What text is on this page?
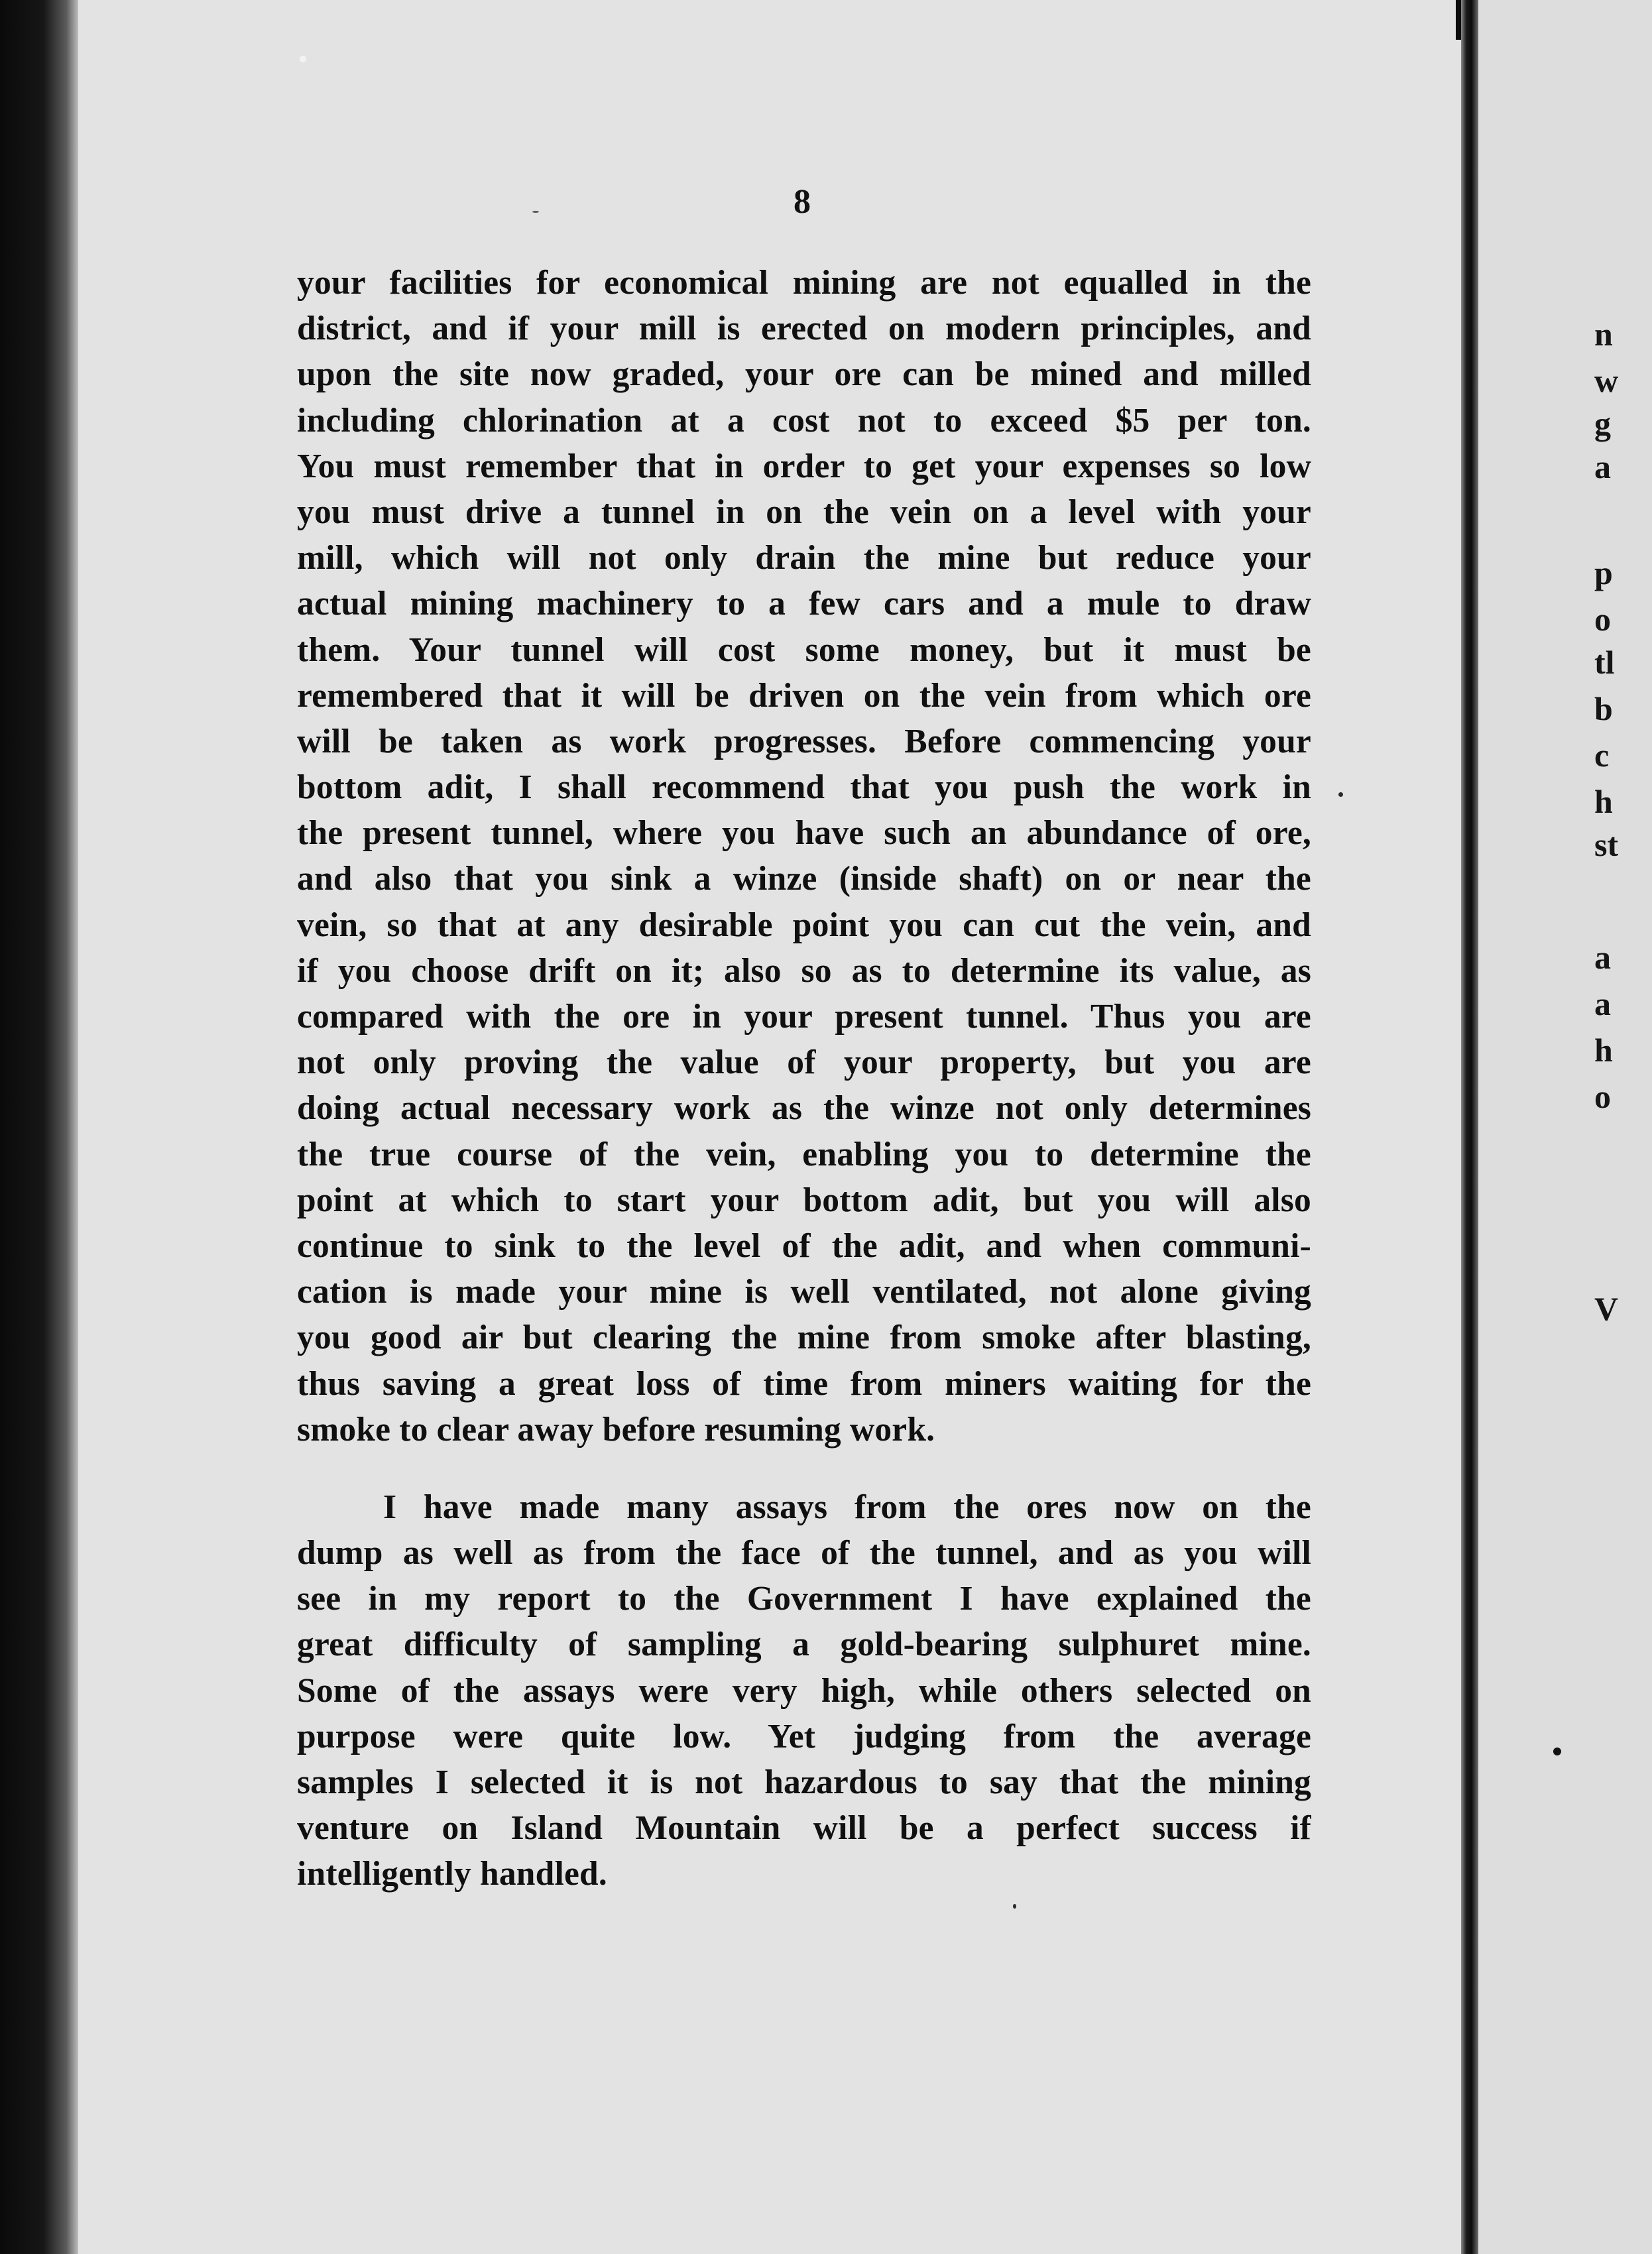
8
your facilities for economical mining are not equalled in the
district, and if your mill is erected on modern principles, and
upon the site now graded, your ore can be mined and milled
including chlorination at a cost not to exceed $5 per ton.
You must remember that in order to get your expenses so low
you must drive a tunnel in on the vein on a level with your
mill, which will not only drain the mine but reduce your
actual mining machinery to a few cars and a mule to draw
them. Your tunnel will cost some money, but it must be
remembered that it will be driven on the vein from which ore
will be taken as work progresses. Before commencing your
bottom adit, I shall recommend that you push the work in
the present tunnel, where you have such an abundance of ore,
and also that you sink a winze (inside shaft) on or near the
vein, so that at any desirable point you can cut the vein, and
if you choose drift on it; also so as to determine its value, as
compared with the ore in your present tunnel. Thus you are
not only proving the value of your property, but you are
doing actual necessary work as the winze not only determines
the true course of the vein, enabling you to determine the
point at which to start your bottom adit, but you will also
continue to sink to the level of the adit, and when communi-
cation is made your mine is well ventilated, not alone giving
you good air but clearing the mine from smoke after blasting,
thus saving a great loss of time from miners waiting for the
smoke to clear away before resuming work.
I have made many assays from the ores now on the
dump as well as from the face of the tunnel, and as you will
see in my report to the Government I have explained the
great difficulty of sampling a gold-bearing sulphuret mine.
Some of the assays were very high, while others selected on
purpose were quite low. Yet judging from the average
samples I selected it is not hazardous to say that the mining
venture on Island Mountain will be a perfect success if
intelligently handled.
n
w
g
a
p
o
tl
b
c
h
st
a
a
h
o
V
